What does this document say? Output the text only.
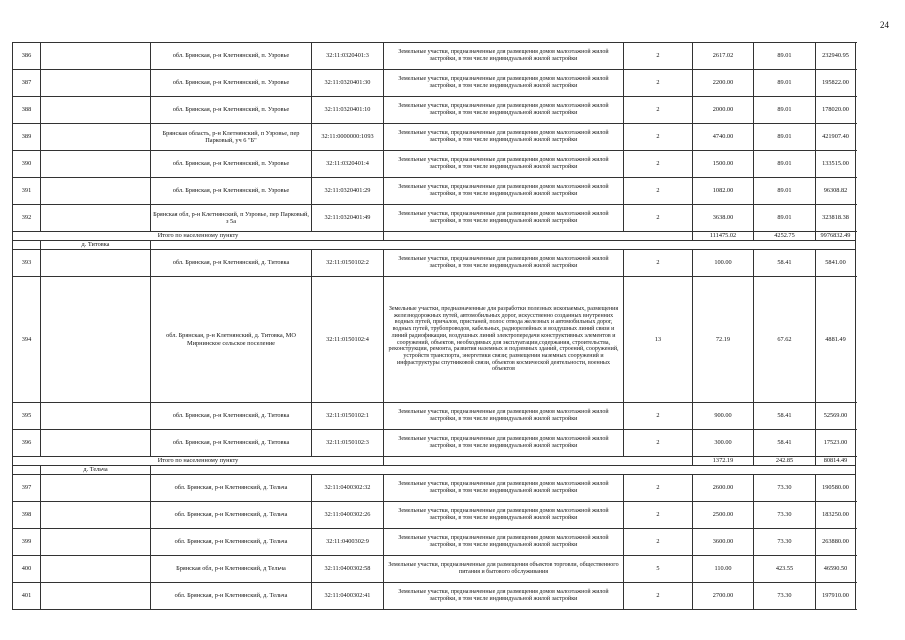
24
386		обл. Брянская, р-н Клетнянский, п. Узровье	32:11:0320401:3	Земельные участки, предназначенные для размещения домов малоэтажной жилой застройки, в том числе индивидуальной жилой застройки	2	2617.02	89.01	232940.95
387		обл. Брянская, р-н Клетнянский, п. Узровье	32:11:0320401:30	Земельные участки, предназначенные для размещения домов малоэтажной жилой застройки, в том числе индивидуальной жилой застройки	2	2200.00	89.01	195822.00
388		обл. Брянская, р-н Клетнянский, п. Узровье	32:11:0320401:10	Земельные участки, предназначенные для размещения домов малоэтажной жилой застройки, в том числе индивидуальной жилой застройки	2	2000.00	89.01	178020.00
389		Брянская область, р-н Клетнянский, п Узровье, пер Парковый, уч 6 "Б"	32:11:0000000:1093	Земельные участки, предназначенные для размещения домов малоэтажной жилой застройки, в том числе индивидуальной жилой застройки	2	4740.00	89.01	421907.40
390		обл. Брянская, р-н Клетнянский, п. Узровье	32:11:0320401:4	Земельные участки, предназначенные для размещения домов малоэтажной жилой застройки, в том числе индивидуальной жилой застройки	2	1500.00	89.01	133515.00
391		обл. Брянская, р-н Клетнянский, п. Узровье	32:11:0320401:29	Земельные участки, предназначенные для размещения домов малоэтажной жилой застройки, в том числе индивидуальной жилой застройки	2	1082.00	89.01	96308.82
392		Брянская обл, р-н Клетнянский, п Узровье, пер Парковый, з 5а	32:11:0320401:49	Земельные участки, предназначенные для размещения домов малоэтажной жилой застройки, в том числе индивидуальной жилой застройки	2	3638.00	89.01	323818.38
Итого по населенному пункту						111475.02	4252.75	9976832.49
	д. Титовка							
393		обл. Брянская, р-н Клетнянский, д. Титовка	32:11:0150102:2	Земельные участки, предназначенные для размещения домов малоэтажной жилой застройки, в том числе индивидуальной жилой застройки	2	100.00	58.41	5841.00
394		обл. Брянская, р-н Клетнянский, д. Титовка, МО Мирнинское сельское поселение	32:11:0150102:4	Земельные участки, предназначенные для разработки полезных ископаемых, размещения железнодорожных путей, автомобильных дорог, искусственно созданных внутренних водных путей, причалов, пристаней, полос отвода железных и автомобильных дорог, водных путей, трубопроводов, кабельных, радиорелейных и воздушных линий связи и линий радиофикации, воздушных линий электропередачи конструктивных элементов и сооружений, объектов, необходимых для эксплуатации,содержания, строительства, реконструкции, ремонта, развития наземных и подземных зданий, строений, сооружений, устройств транспорта, энергетики связи; размещения наземных сооружений и инфраструктуры спутниковой связи, объектов космической деятельности, военных объектов	13	72.19	67.62	4881.49
395		обл. Брянская, р-н Клетнянский, д. Титовка	32:11:0150102:1	Земельные участки, предназначенные для размещения домов малоэтажной жилой застройки, в том числе индивидуальной жилой застройки	2	900.00	58.41	52569.00
396		обл. Брянская, р-н Клетнянский, д. Титовка	32:11:0150102:3	Земельные участки, предназначенные для размещения домов малоэтажной жилой застройки, в том числе индивидуальной жилой застройки	2	300.00	58.41	17523.00
Итого по населенному пункту						1372.19	242.85	80814.49
	д. Тельча							
397		обл. Брянская, р-н Клетнянский, д. Тельча	32:11:0400302:32	Земельные участки, предназначенные для размещения домов малоэтажной жилой застройки, в том числе индивидуальной жилой застройки	2	2600.00	73.30	190580.00
398		обл. Брянская, р-н Клетнянский, д. Тельча	32:11:0400302:26	Земельные участки, предназначенные для размещения домов малоэтажной жилой застройки, в том числе индивидуальной жилой застройки	2	2500.00	73.30	183250.00
399		обл. Брянская, р-н Клетнянский, д. Тельча	32:11:0400302:9	Земельные участки, предназначенные для размещения домов малоэтажной жилой застройки, в том числе индивидуальной жилой застройки	2	3600.00	73.30	263880.00
400		Брянская обл, р-н Клетнянский, д Тельча	32:11:0400302:58	Земельные участки, предназначенные для размещения объектов торговли, общественного питания и бытового обслуживания	5	110.00	423.55	46590.50
401		обл. Брянская, р-н Клетнянский, д. Тельча	32:11:0400302:41	Земельные участки, предназначенные для размещения домов малоэтажной жилой застройки, в том числе индивидуальной жилой застройки	2	2700.00	73.30	197910.00
